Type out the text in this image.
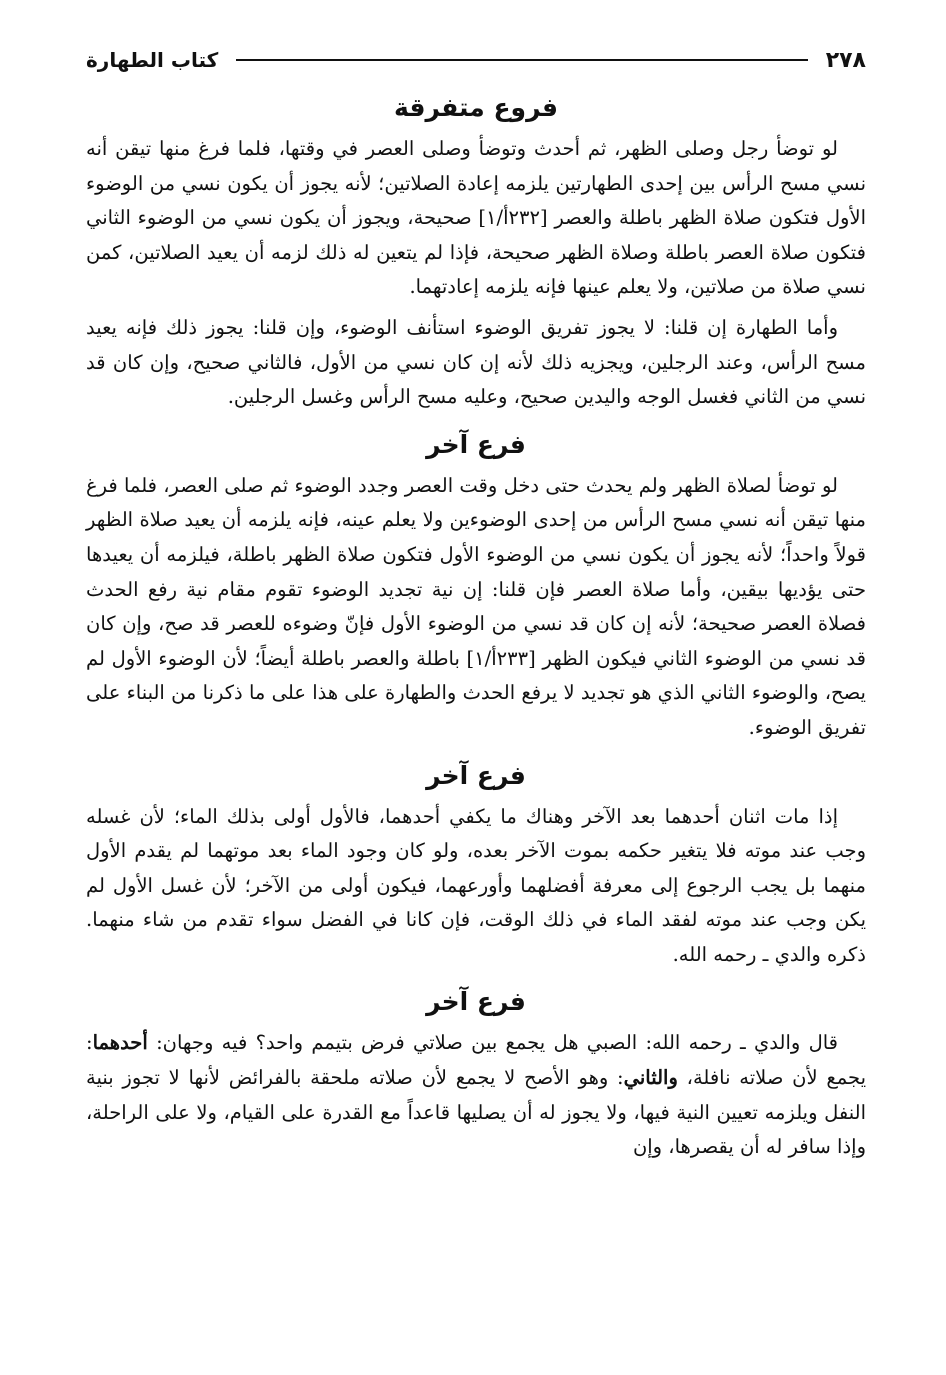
٢٧٨
كتاب الطهارة
فروع متفرقة

لو توضأ رجل وصلى الظهر، ثم أحدث وتوضأ وصلى العصر في وقتها، فلما فرغ منها تيقن أنه نسي مسح الرأس بين إحدى الطهارتين يلزمه إعادة الصلاتين؛ لأنه يجوز أن يكون نسي من الوضوء الأول فتكون صلاة الظهر باطلة والعصر [٢٣٢أ/١] صحيحة، ويجوز أن يكون نسي من الوضوء الثاني فتكون صلاة العصر باطلة وصلاة الظهر صحيحة، فإذا لم يتعين له ذلك لزمه أن يعيد الصلاتين، كمن نسي صلاة من صلاتين، ولا يعلم عينها فإنه يلزمه إعادتهما.

وأما الطهارة إن قلنا: لا يجوز تفريق الوضوء استأنف الوضوء، وإن قلنا: يجوز ذلك فإنه يعيد مسح الرأس، وعند الرجلين، ويجزيه ذلك لأنه إن كان نسي من الأول، فالثاني صحيح، وإن كان قد نسي من الثاني فغسل الوجه واليدين صحيح، وعليه مسح الرأس وغسل الرجلين.

فرع آخر

لو توضأ لصلاة الظهر ولم يحدث حتى دخل وقت العصر وجدد الوضوء ثم صلى العصر، فلما فرغ منها تيقن أنه نسي مسح الرأس من إحدى الوضوءين ولا يعلم عينه، فإنه يلزمه أن يعيد صلاة الظهر قولاً واحداً؛ لأنه يجوز أن يكون نسي من الوضوء الأول فتكون صلاة الظهر باطلة، فيلزمه أن يعيدها حتى يؤديها بيقين، وأما صلاة العصر فإن قلنا: إن نية تجديد الوضوء تقوم مقام نية رفع الحدث فصلاة العصر صحيحة؛ لأنه إن كان قد نسي من الوضوء الأول فإنّ وضوءه للعصر قد صح، وإن كان قد نسي من الوضوء الثاني فيكون الظهر [٢٣٣أ/١] باطلة والعصر باطلة أيضاً؛ لأن الوضوء الأول لم يصح، والوضوء الثاني الذي هو تجديد لا يرفع الحدث والطهارة على هذا على ما ذكرنا من البناء على تفريق الوضوء.

فرع آخر

إذا مات اثنان أحدهما بعد الآخر وهناك ما يكفي أحدهما، فالأول أولى بذلك الماء؛ لأن غسله وجب عند موته فلا يتغير حكمه بموت الآخر بعده، ولو كان وجود الماء بعد موتهما لم يقدم الأول منهما بل يجب الرجوع إلى معرفة أفضلهما وأورعهما، فيكون أولى من الآخر؛ لأن غسل الأول لم يكن وجب عند موته لفقد الماء في ذلك الوقت، فإن كانا في الفضل سواء تقدم من شاء منهما. ذكره والدي ـ رحمه الله.

فرع آخر

قال والدي ـ رحمه الله: الصبي هل يجمع بين صلاتي فرض بتيمم واحد؟ فيه وجهان: أحدهما: يجمع لأن صلاته نافلة، والثاني: وهو الأصح لا يجمع لأن صلاته ملحقة بالفرائض لأنها لا تجوز بنية النفل ويلزمه تعيين النية فيها، ولا يجوز له أن يصليها قاعداً مع القدرة على القيام، ولا على الراحلة، وإذا سافر له أن يقصرها، وإن
